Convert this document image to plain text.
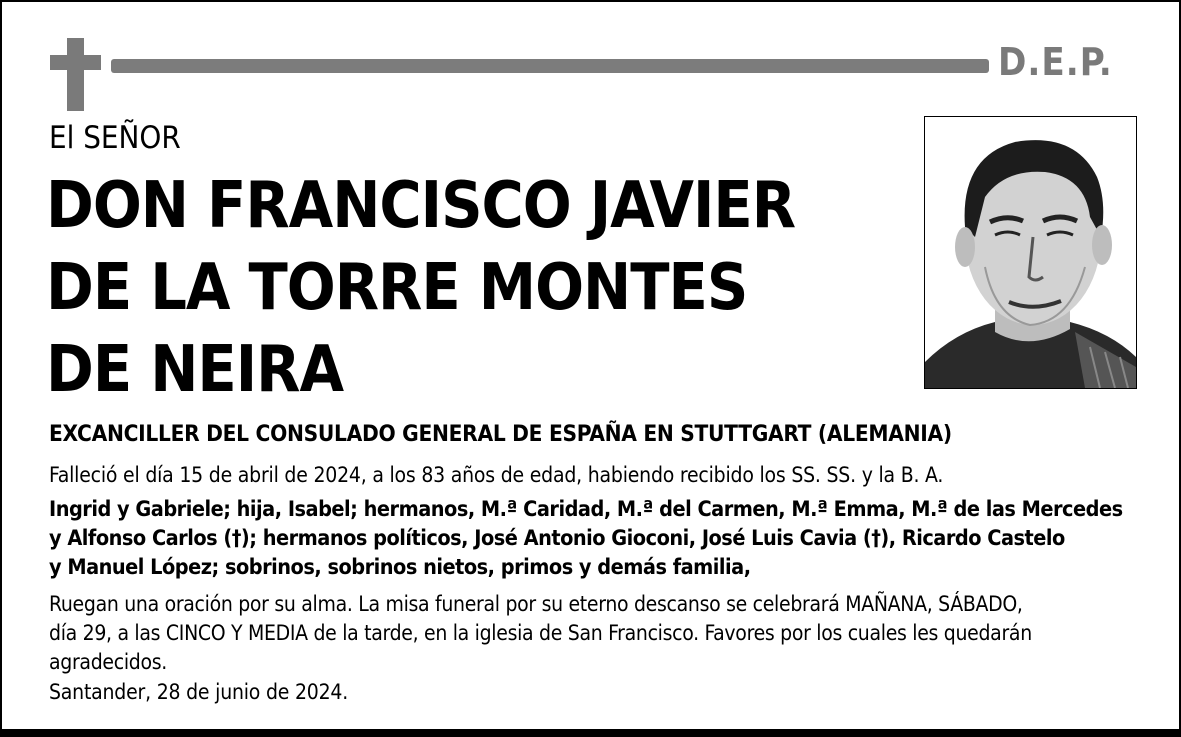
D.E.P.
El SEÑOR
DON FRANCISCO JAVIER
DE LA TORRE MONTES
DE NEIRA
EXCANCILLER DEL CONSULADO GENERAL DE ESPAÑA EN STUTTGART (ALEMANIA)
Falleció el día 15 de abril de 2024, a los 83 años de edad, habiendo recibido los SS. SS. y la B. A.
Ingrid y Gabriele; hija, Isabel; hermanos, M.ª Caridad, M.ª del Carmen, M.ª Emma, M.ª de las Mercedes
y Alfonso Carlos (†); hermanos políticos, José Antonio Gioconi, José Luis Cavia (†), Ricardo Castelo
y Manuel López; sobrinos, sobrinos nietos, primos y demás familia,
Ruegan una oración por su alma. La misa funeral por su eterno descanso se celebrará MAÑANA, SÁBADO,
día 29, a las CINCO Y MEDIA de la tarde, en la iglesia de San Francisco. Favores por los cuales les quedarán
agradecidos.
Santander, 28 de junio de 2024.
